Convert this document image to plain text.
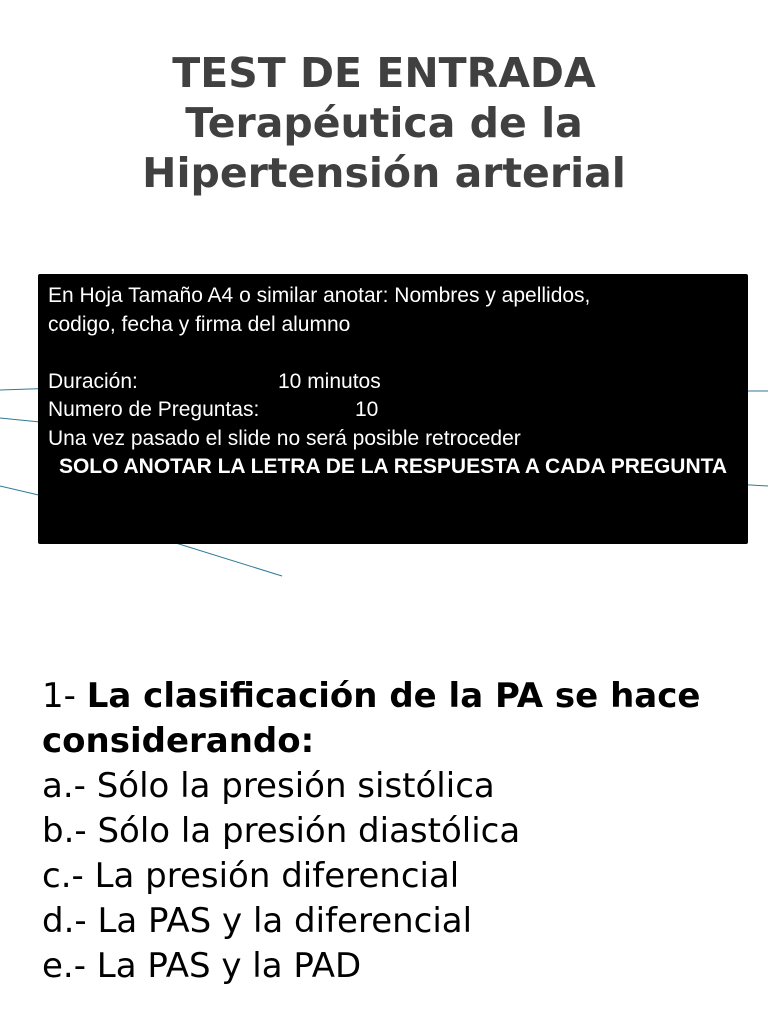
TEST DE ENTRADA
Terapéutica de la
Hipertensión arterial
En Hoja Tamaño A4 o similar anotar: Nombres y apellidos,
codigo, fecha y firma del alumno
Duración:	10 minutos
Numero de Preguntas:	10
Una vez pasado el slide no será posible retroceder
SOLO ANOTAR LA LETRA DE LA RESPUESTA A CADA PREGUNTA
1- La clasificación de la PA se hace considerando:
a.- Sólo la presión sistólica
b.- Sólo la presión diastólica
c.- La presión diferencial
d.- La PAS y la diferencial
e.- La PAS y la PAD
